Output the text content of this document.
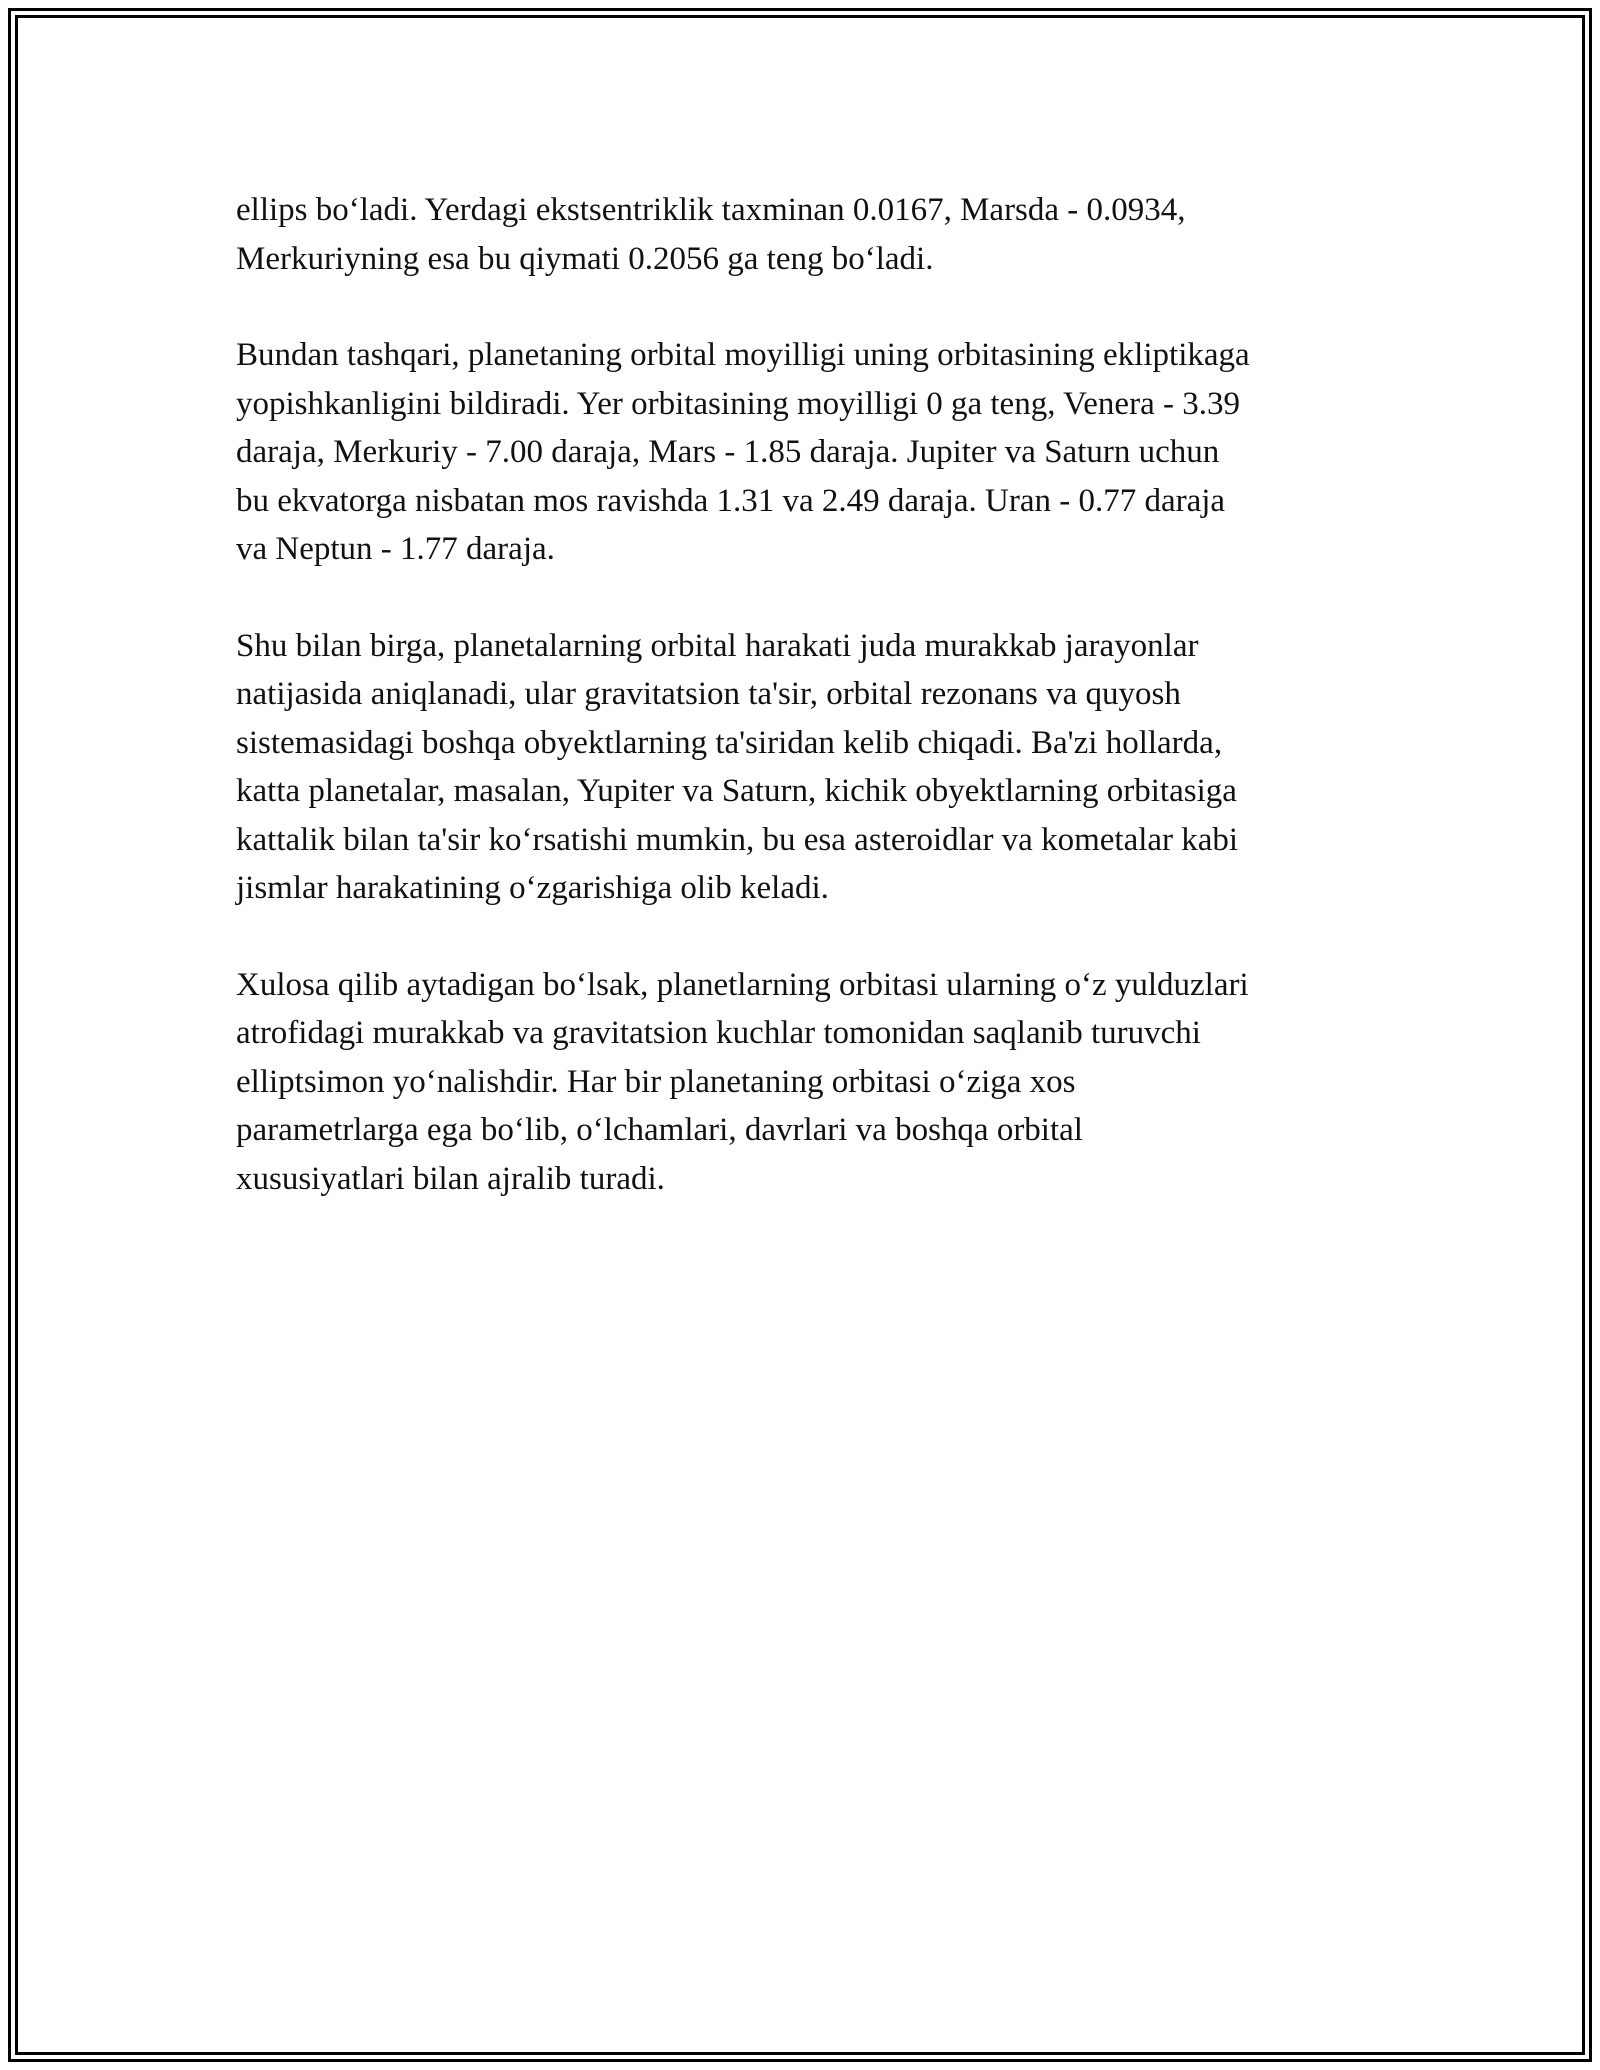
ellips bo‘ladi. Yerdagi ekstsentriklik taxminan 0.0167, Marsda - 0.0934,
Merkuriyning esa bu qiymati 0.2056 ga teng bo‘ladi.

Bundan tashqari, planetaning orbital moyilligi uning orbitasining ekliptikaga
yopishkanligini bildiradi. Yer orbitasining moyilligi 0 ga teng, Venera - 3.39
daraja, Merkuriy - 7.00 daraja, Mars - 1.85 daraja. Jupiter va Saturn uchun
bu ekvatorga nisbatan mos ravishda 1.31 va 2.49 daraja. Uran - 0.77 daraja
va Neptun - 1.77 daraja.

Shu bilan birga, planetalarning orbital harakati juda murakkab jarayonlar
natijasida aniqlanadi, ular gravitatsion ta'sir, orbital rezonans va quyosh
sistemasidagi boshqa obyektlarning ta'siridan kelib chiqadi. Ba'zi hollarda,
katta planetalar, masalan, Yupiter va Saturn, kichik obyektlarning orbitasiga
kattalik bilan ta'sir ko‘rsatishi mumkin, bu esa asteroidlar va kometalar kabi
jismlar harakatining o‘zgarishiga olib keladi.

Xulosa qilib aytadigan bo‘lsak, planetlarning orbitasi ularning o‘z yulduzlari
atrofidagi murakkab va gravitatsion kuchlar tomonidan saqlanib turuvchi
elliptsimon yo‘nalishdir. Har bir planetaning orbitasi o‘ziga xos
parametrlarga ega bo‘lib, o‘lchamlari, davrlari va boshqa orbital
xususiyatlari bilan ajralib turadi.
